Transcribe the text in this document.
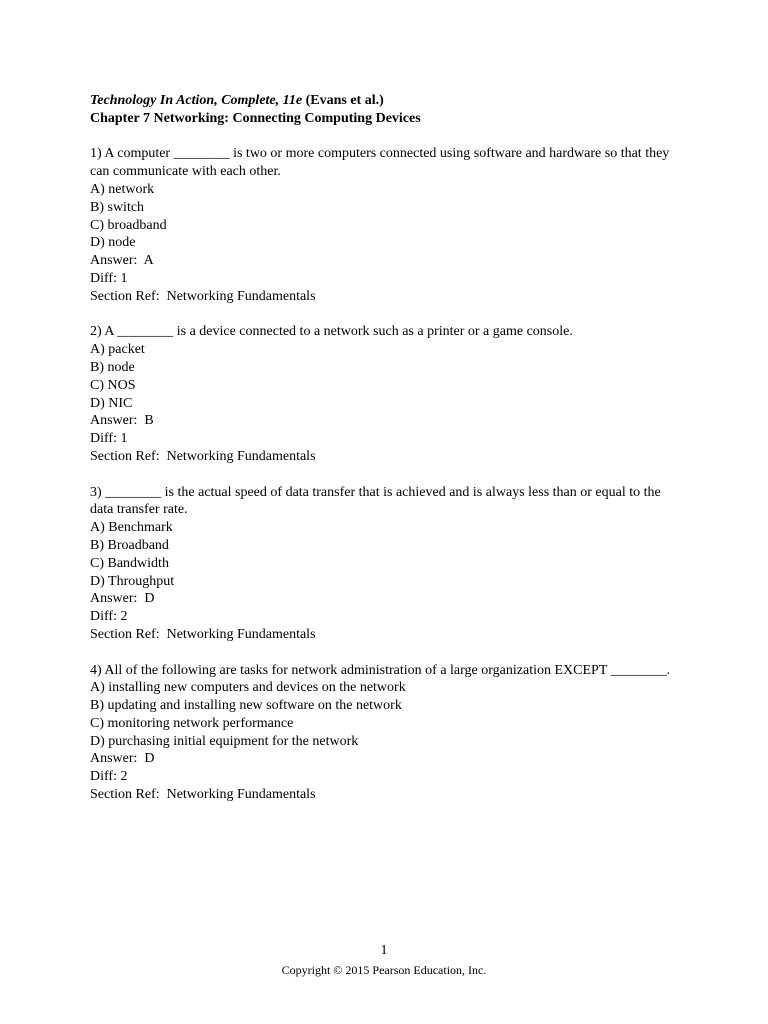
Technology In Action, Complete, 11e (Evans et al.)

Chapter 7 Networking: Connecting Computing Devices

1) A computer ________ is two or more computers connected using software and hardware so that they can communicate with each other.

A) network

B) switch

C) broadband

D) node

Answer:  A

Diff: 1

Section Ref:  Networking Fundamentals

2) A ________ is a device connected to a network such as a printer or a game console.

A) packet

B) node

C) NOS

D) NIC

Answer:  B

Diff: 1

Section Ref:  Networking Fundamentals

3) ________ is the actual speed of data transfer that is achieved and is always less than or equal to the data transfer rate.

A) Benchmark

B) Broadband

C) Bandwidth

D) Throughput

Answer:  D

Diff: 2

Section Ref:  Networking Fundamentals

4) All of the following are tasks for network administration of a large organization EXCEPT ________.

A) installing new computers and devices on the network

B) updating and installing new software on the network

C) monitoring network performance

D) purchasing initial equipment for the network

Answer:  D

Diff: 2

Section Ref:  Networking Fundamentals

1
Copyright © 2015 Pearson Education, Inc.
